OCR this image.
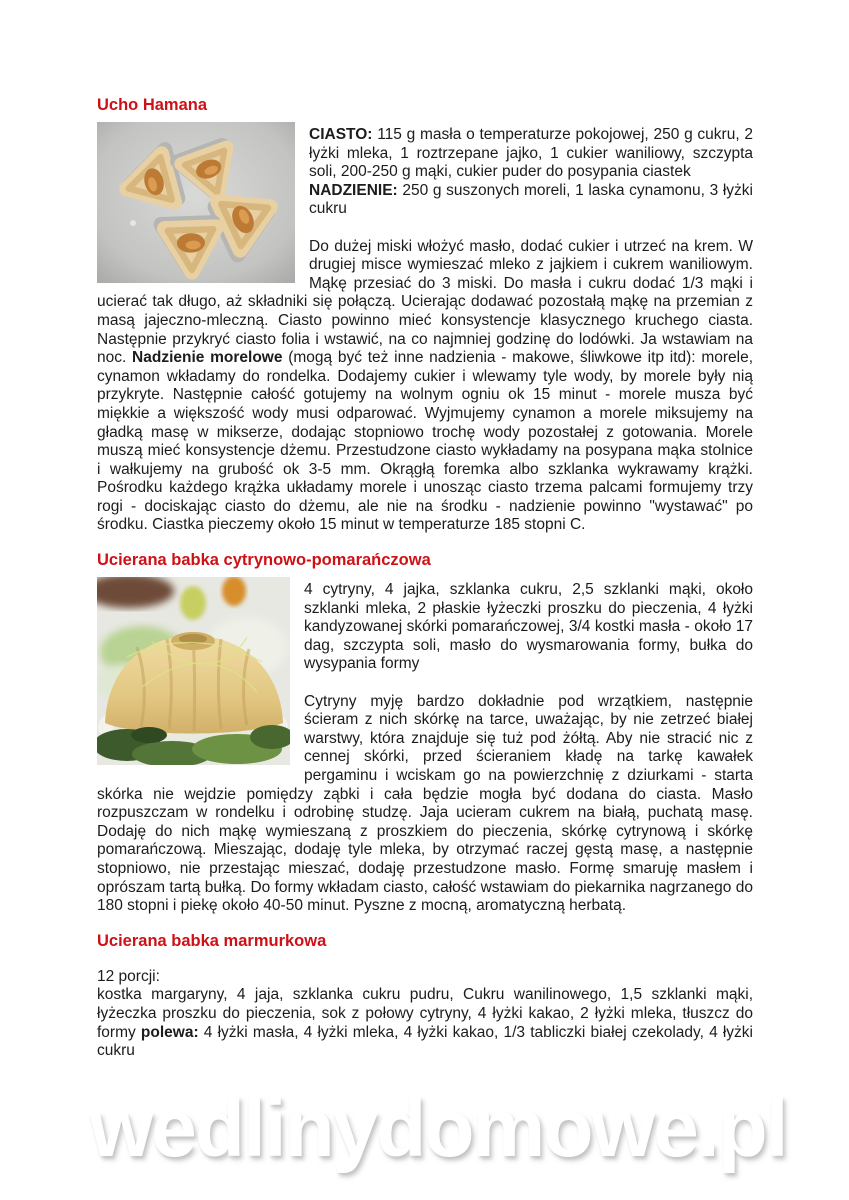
Ucho Hamana

CIASTO: 115 g masła o temperaturze pokojowej, 250 g cukru, 2 łyżki mleka, 1 roztrzepane jajko, 1 cukier waniliowy, szczypta soli, 200-250 g mąki, cukier puder do posypania ciastek
NADZIENIE: 250 g suszonych moreli, 1 laska cynamonu, 3 łyżki cukru

Do dużej miski włożyć masło, dodać cukier i utrzeć na krem. W drugiej misce wymieszać mleko z jajkiem i cukrem waniliowym. Mąkę przesiać do 3 miski. Do masła i cukru dodać 1/3 mąki i ucierać tak długo, aż składniki się połączą. Ucierając dodawać pozostałą mąkę na przemian z masą jajeczno-mleczną. Ciasto powinno mieć konsystencje klasycznego kruchego ciasta. Następnie przykryć ciasto folia i wstawić, na co najmniej godzinę do lodówki. Ja wstawiam na noc. Nadzienie morelowe (mogą być też inne nadzienia - makowe, śliwkowe itp itd): morele, cynamon wkładamy do rondelka. Dodajemy cukier i wlewamy tyle wody, by morele były nią przykryte. Następnie całość gotujemy na wolnym ogniu ok 15 minut - morele musza być miękkie a większość wody musi odparować. Wyjmujemy cynamon a morele miksujemy na gładką masę w mikserze, dodając stopniowo trochę wody pozostałej z gotowania. Morele muszą mieć konsystencje dżemu. Przestudzone ciasto wykładamy na posypana mąka stolnice i wałkujemy na grubość ok 3-5 mm. Okrągłą foremka albo szklanka wykrawamy krążki. Pośrodku każdego krążka układamy morele i unosząc ciasto trzema palcami formujemy trzy rogi - dociskając ciasto do dżemu, ale nie na środku - nadzienie powinno "wystawać" po środku. Ciastka pieczemy około 15 minut w temperaturze 185 stopni C.

Ucierana babka cytrynowo-pomarańczowa

4 cytryny, 4 jajka, szklanka cukru, 2,5 szklanki mąki, około szklanki mleka, 2 płaskie łyżeczki proszku do pieczenia, 4 łyżki kandyzowanej skórki pomarańczowej, 3/4 kostki masła - około 17 dag, szczypta soli, masło do wysmarowania formy, bułka do wysypania formy

Cytryny myję bardzo dokładnie pod wrzątkiem, następnie ścieram z nich skórkę na tarce, uważając, by nie zetrzeć białej warstwy, która znajduje się tuż pod żółtą. Aby nie stracić nic z cennej skórki, przed ścieraniem kładę na tarkę kawałek pergaminu i wciskam go na powierzchnię z dziurkami - starta skórka nie wejdzie pomiędzy ząbki i cała będzie mogła być dodana do ciasta. Masło rozpuszczam w rondelku i odrobinę studzę. Jaja ucieram cukrem na białą, puchatą masę. Dodaję do nich mąkę wymieszaną z proszkiem do pieczenia, skórkę cytrynową i skórkę pomarańczową. Mieszając, dodaję tyle mleka, by otrzymać raczej gęstą masę, a następnie stopniowo, nie przestając mieszać, dodaję przestudzone masło. Formę smaruję masłem i oprószam tartą bułką. Do formy wkładam ciasto, całość wstawiam do piekarnika nagrzanego do 180 stopni i piekę około 40-50 minut. Pyszne z mocną, aromatyczną herbatą.

Ucierana babka marmurkowa
12 porcji:

kostka margaryny, 4 jaja, szklanka cukru pudru, Cukru wanilinowego, 1,5 szklanki mąki, łyżeczka proszku do pieczenia, sok z połowy cytryny, 4 łyżki kakao, 2 łyżki mleka, tłuszcz do formy polewa: 4 łyżki masła, 4 łyżki mleka, 4 łyżki kakao, 1/3 tabliczki białej czekolady, 4 łyżki cukru

wedlinydomowe.pl
